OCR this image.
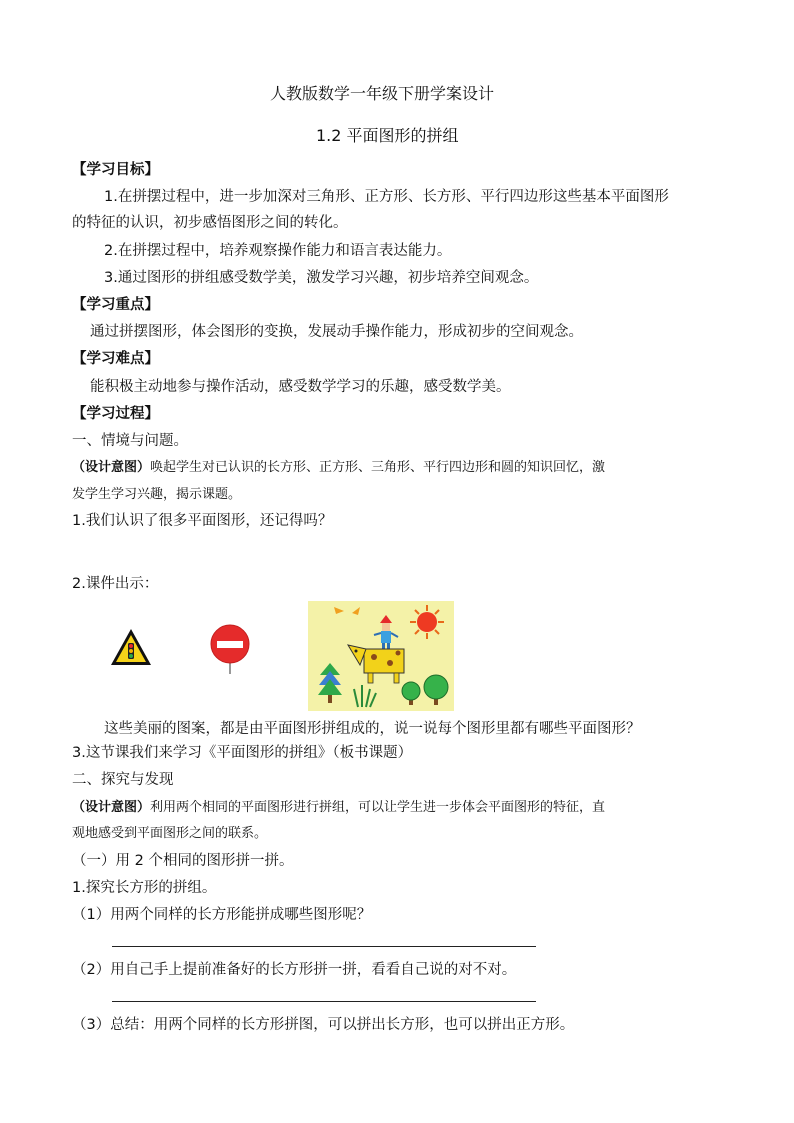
人教版数学一年级下册学案设计
1.2 平面图形的拼组
【学习目标】
1.在拼摆过程中，进一步加深对三角形、正方形、长方形、平行四边形这些基本平面图形
的特征的认识，初步感悟图形之间的转化。
2.在拼摆过程中，培养观察操作能力和语言表达能力。
3.通过图形的拼组感受数学美，激发学习兴趣，初步培养空间观念。
【学习重点】
通过拼摆图形，体会图形的变换，发展动手操作能力，形成初步的空间观念。
【学习难点】
能积极主动地参与操作活动，感受数学学习的乐趣，感受数学美。
【学习过程】
一、情境与问题。
（设计意图）唤起学生对已认识的长方形、正方形、三角形、平行四边形和圆的知识回忆，激
发学生学习兴趣，揭示课题。
1.我们认识了很多平面图形，还记得吗？
2.课件出示：
这些美丽的图案，都是由平面图形拼组成的，说一说每个图形里都有哪些平面图形？
3.这节课我们来学习《平面图形的拼组》（板书课题）
二、探究与发现
（设计意图）利用两个相同的平面图形进行拼组，可以让学生进一步体会平面图形的特征，直
观地感受到平面图形之间的联系。
（一）用 2 个相同的图形拼一拼。
1.探究长方形的拼组。
（1）用两个同样的长方形能拼成哪些图形呢？
（2）用自己手上提前准备好的长方形拼一拼，看看自己说的对不对。
（3）总结：用两个同样的长方形拼图，可以拼出长方形，也可以拼出正方形。
